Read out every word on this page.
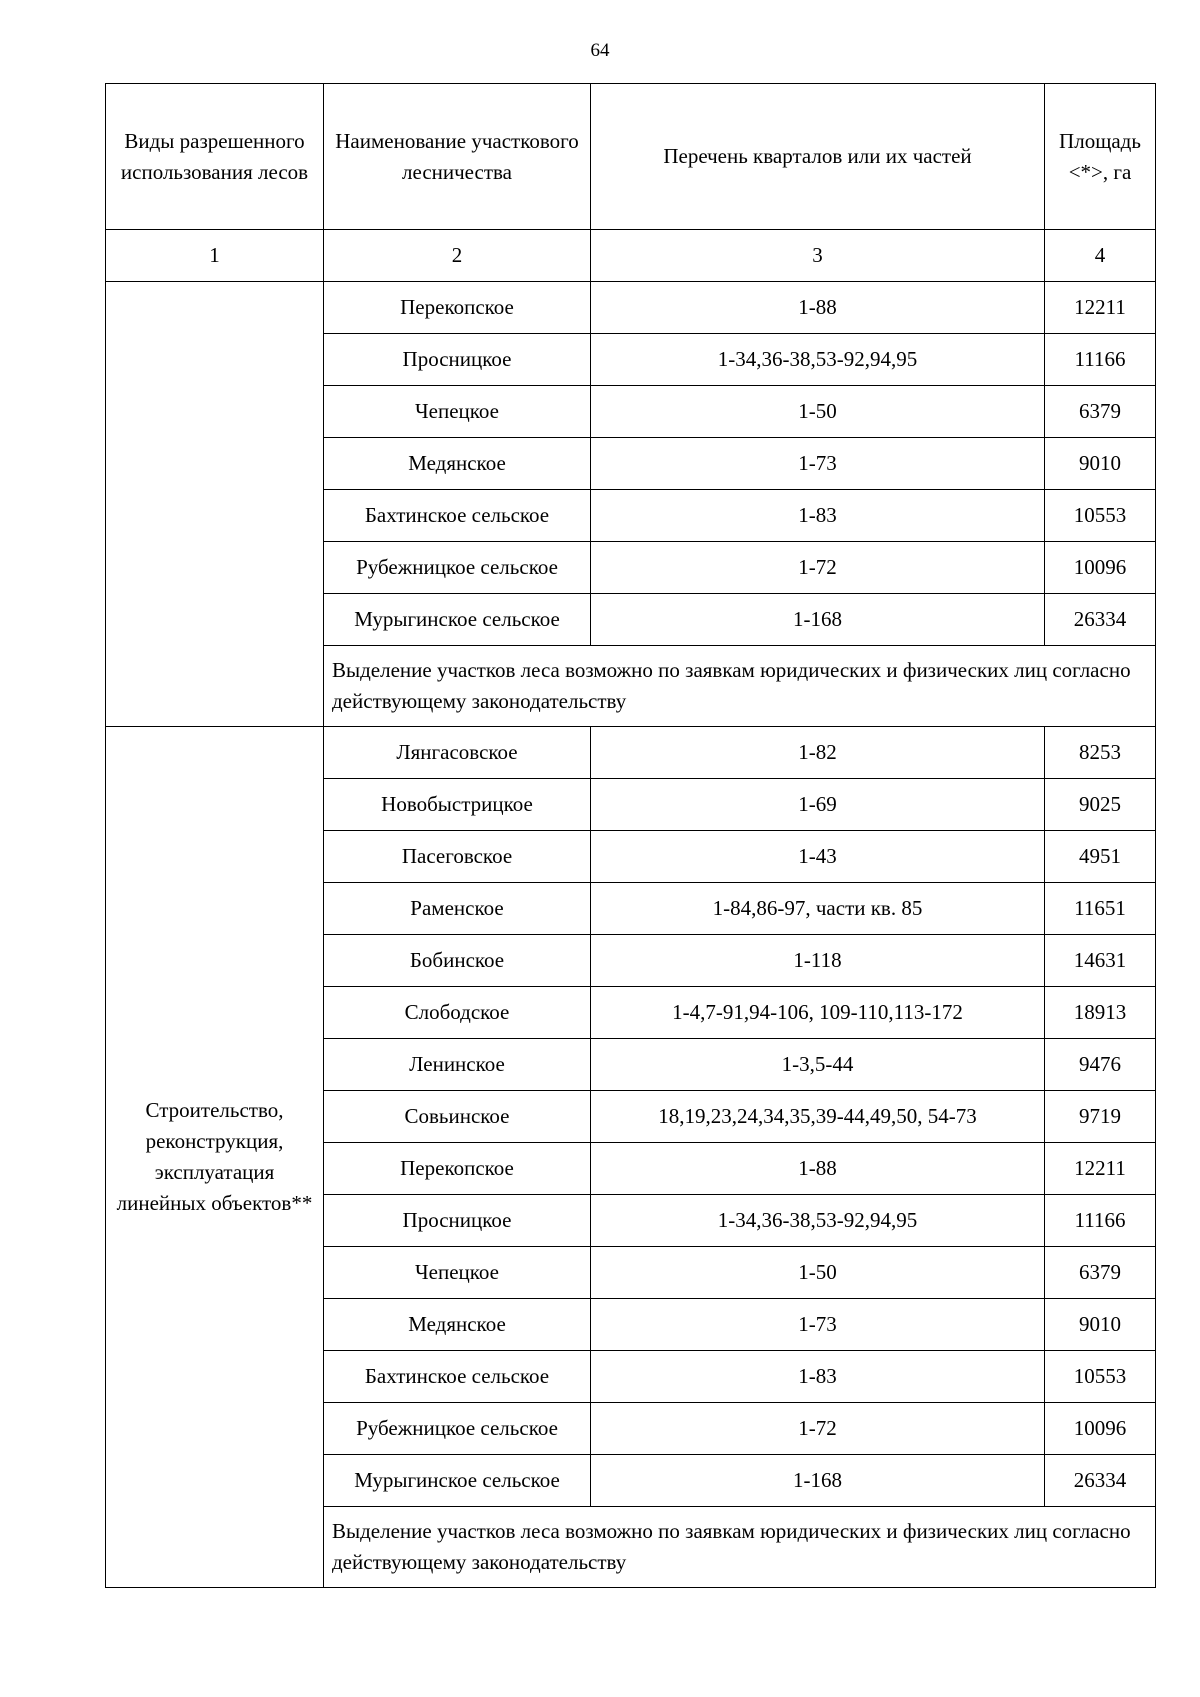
64
Виды разрешенного использования лесов	Наименование участкового лесничества	Перечень кварталов или их частей	Площадь <*>, га
1	2	3	4
	Перекопское	1-88	12211
	Просницкое	1-34,36-38,53-92,94,95	11166
	Чепецкое	1-50	6379
	Медянское	1-73	9010
	Бахтинское сельское	1-83	10553
	Рубежницкое сельское	1-72	10096
	Мурыгинское сельское	1-168	26334
	Выделение участков леса возможно по заявкам юридических и физических лиц согласно действующему законодательству		
Строительство, реконструкция, эксплуатация линейных объектов**	Лянгасовское	1-82	8253
	Новобыстрицкое	1-69	9025
	Пасеговское	1-43	4951
	Раменское	1-84,86-97, части кв. 85	11651
	Бобинское	1-118	14631
	Слободское	1-4,7-91,94-106, 109-110,113-172	18913
	Ленинское	1-3,5-44	9476
	Совьинское	18,19,23,24,34,35,39-44,49,50, 54-73	9719
	Перекопское	1-88	12211
	Просницкое	1-34,36-38,53-92,94,95	11166
	Чепецкое	1-50	6379
	Медянское	1-73	9010
	Бахтинское сельское	1-83	10553
	Рубежницкое сельское	1-72	10096
	Мурыгинское сельское	1-168	26334
	Выделение участков леса возможно по заявкам юридических и физических лиц согласно действующему законодательству		
